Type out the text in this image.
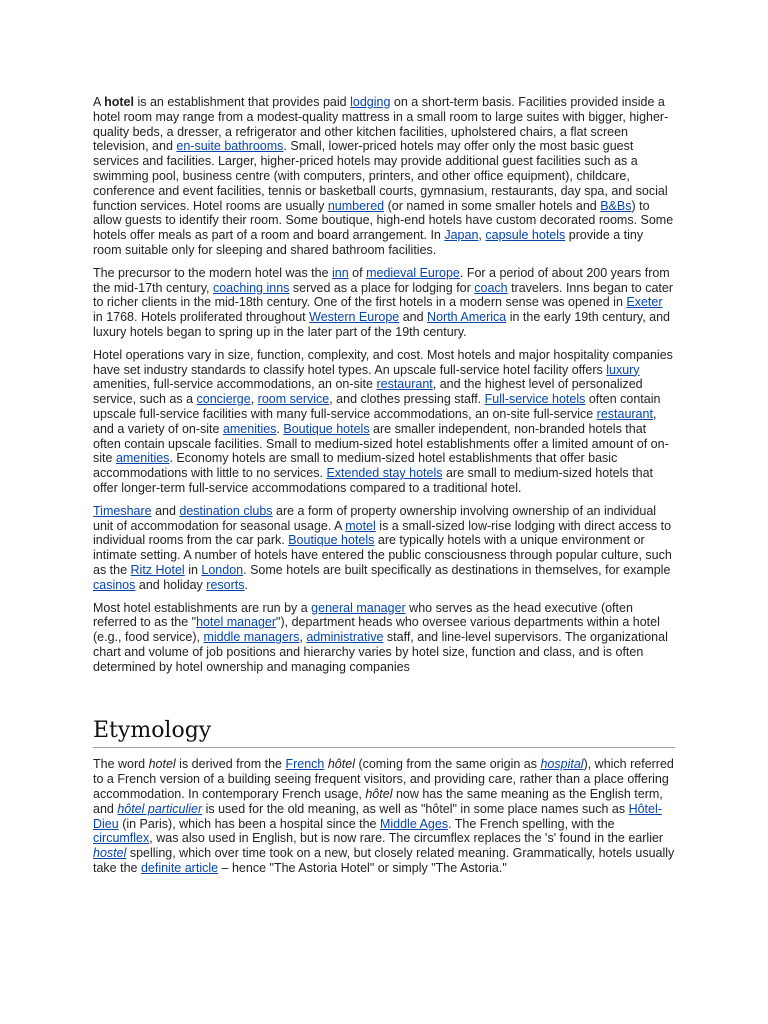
A hotel is an establishment that provides paid lodging on a short-term basis. Facilities provided inside a hotel room may range from a modest-quality mattress in a small room to large suites with bigger, higher-quality beds, a dresser, a refrigerator and other kitchen facilities, upholstered chairs, a flat screen television, and en-suite bathrooms. Small, lower-priced hotels may offer only the most basic guest services and facilities. Larger, higher-priced hotels may provide additional guest facilities such as a swimming pool, business centre (with computers, printers, and other office equipment), childcare, conference and event facilities, tennis or basketball courts, gymnasium, restaurants, day spa, and social function services. Hotel rooms are usually numbered (or named in some smaller hotels and B&Bs) to allow guests to identify their room. Some boutique, high-end hotels have custom decorated rooms. Some hotels offer meals as part of a room and board arrangement. In Japan, capsule hotels provide a tiny room suitable only for sleeping and shared bathroom facilities.

The precursor to the modern hotel was the inn of medieval Europe. For a period of about 200 years from the mid-17th century, coaching inns served as a place for lodging for coach travelers. Inns began to cater to richer clients in the mid-18th century. One of the first hotels in a modern sense was opened in Exeter in 1768. Hotels proliferated throughout Western Europe and North America in the early 19th century, and luxury hotels began to spring up in the later part of the 19th century.

Hotel operations vary in size, function, complexity, and cost. Most hotels and major hospitality companies have set industry standards to classify hotel types. An upscale full-service hotel facility offers luxury amenities, full-service accommodations, an on-site restaurant, and the highest level of personalized service, such as a concierge, room service, and clothes pressing staff. Full-service hotels often contain upscale full-service facilities with many full-service accommodations, an on-site full-service restaurant, and a variety of on-site amenities. Boutique hotels are smaller independent, non-branded hotels that often contain upscale facilities. Small to medium-sized hotel establishments offer a limited amount of on-site amenities. Economy hotels are small to medium-sized hotel establishments that offer basic accommodations with little to no services. Extended stay hotels are small to medium-sized hotels that offer longer-term full-service accommodations compared to a traditional hotel.

Timeshare and destination clubs are a form of property ownership involving ownership of an individual unit of accommodation for seasonal usage. A motel is a small-sized low-rise lodging with direct access to individual rooms from the car park. Boutique hotels are typically hotels with a unique environment or intimate setting. A number of hotels have entered the public consciousness through popular culture, such as the Ritz Hotel in London. Some hotels are built specifically as destinations in themselves, for example casinos and holiday resorts.

Most hotel establishments are run by a general manager who serves as the head executive (often referred to as the "hotel manager"), department heads who oversee various departments within a hotel (e.g., food service), middle managers, administrative staff, and line-level supervisors. The organizational chart and volume of job positions and hierarchy varies by hotel size, function and class, and is often determined by hotel ownership and managing companies

Etymology

The word hotel is derived from the French hôtel (coming from the same origin as hospital), which referred to a French version of a building seeing frequent visitors, and providing care, rather than a place offering accommodation. In contemporary French usage, hôtel now has the same meaning as the English term, and hôtel particulier is used for the old meaning, as well as "hôtel" in some place names such as Hôtel-Dieu (in Paris), which has been a hospital since the Middle Ages. The French spelling, with the circumflex, was also used in English, but is now rare. The circumflex replaces the 's' found in the earlier hostel spelling, which over time took on a new, but closely related meaning. Grammatically, hotels usually take the definite article – hence "The Astoria Hotel" or simply "The Astoria."
